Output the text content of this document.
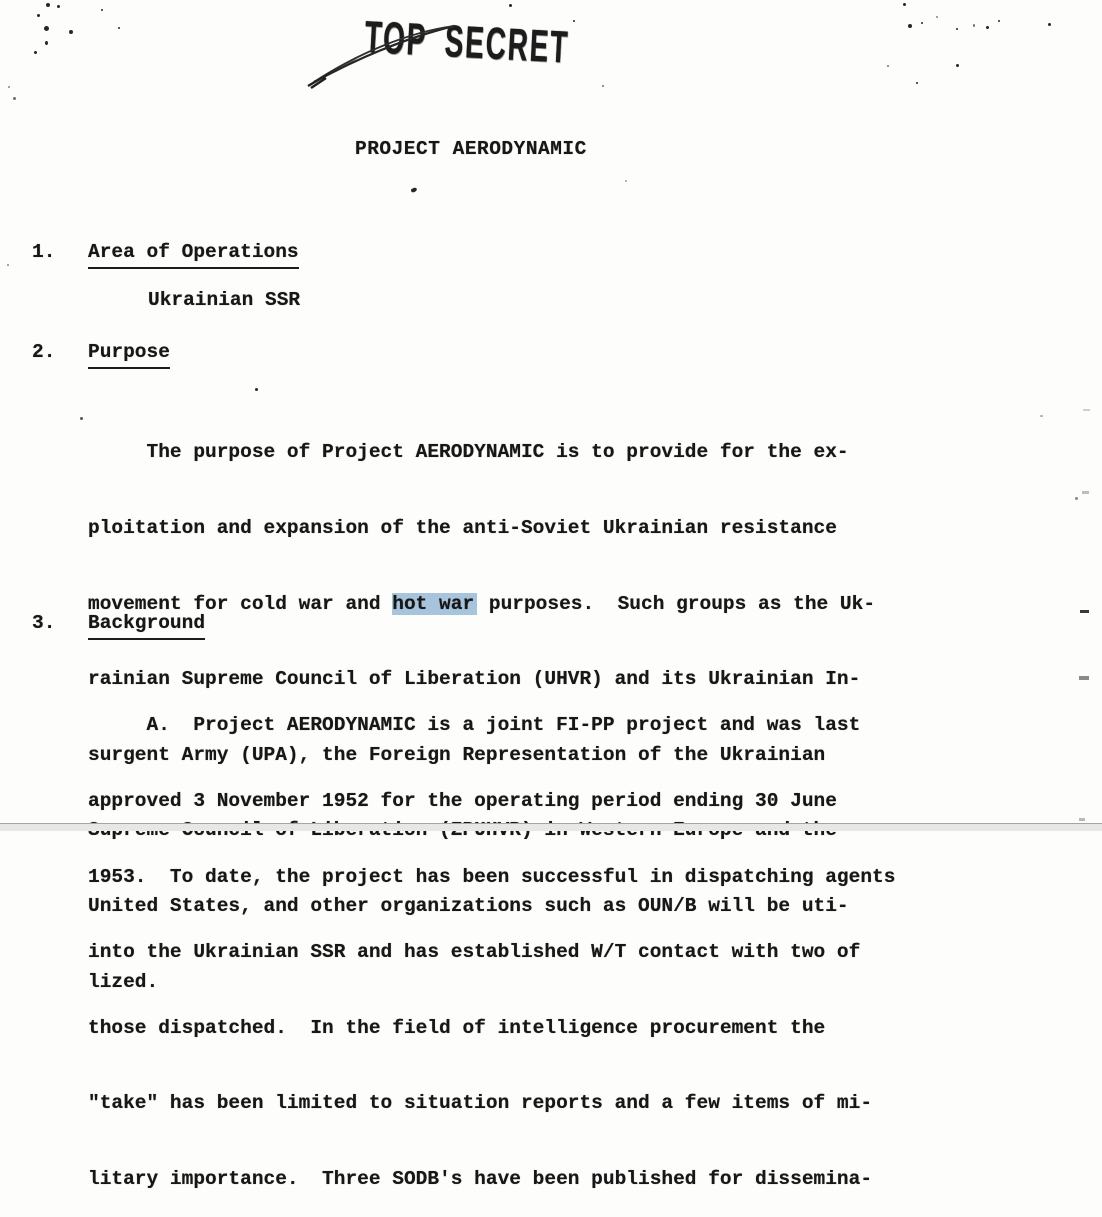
TOP SECRET
PROJECT AERODYNAMIC
1. Area of Operations
Ukrainian SSR
2. Purpose

The purpose of Project AERODYNAMIC is to provide for the ex-

ploitation and expansion of the anti-Soviet Ukrainian resistance

movement for cold war and hot war purposes.  Such groups as the Uk-

rainian Supreme Council of Liberation (UHVR) and its Ukrainian In-

surgent Army (UPA), the Foreign Representation of the Ukrainian

United States, and other organizations such as OUN/B will be uti-

lized.

3. Background

A.  Project AERODYNAMIC is a joint FI-PP project and was last

approved 3 November 1952 for the operating period ending 30 June

1953.  To date, the project has been successful in dispatching agents

into the Ukrainian SSR and has established W/T contact with two of

those dispatched.  In the field of intelligence procurement the

"take" has been limited to situation reports and a few items of mi-

litary importance.  Three SODB's have been published for dissemina-
